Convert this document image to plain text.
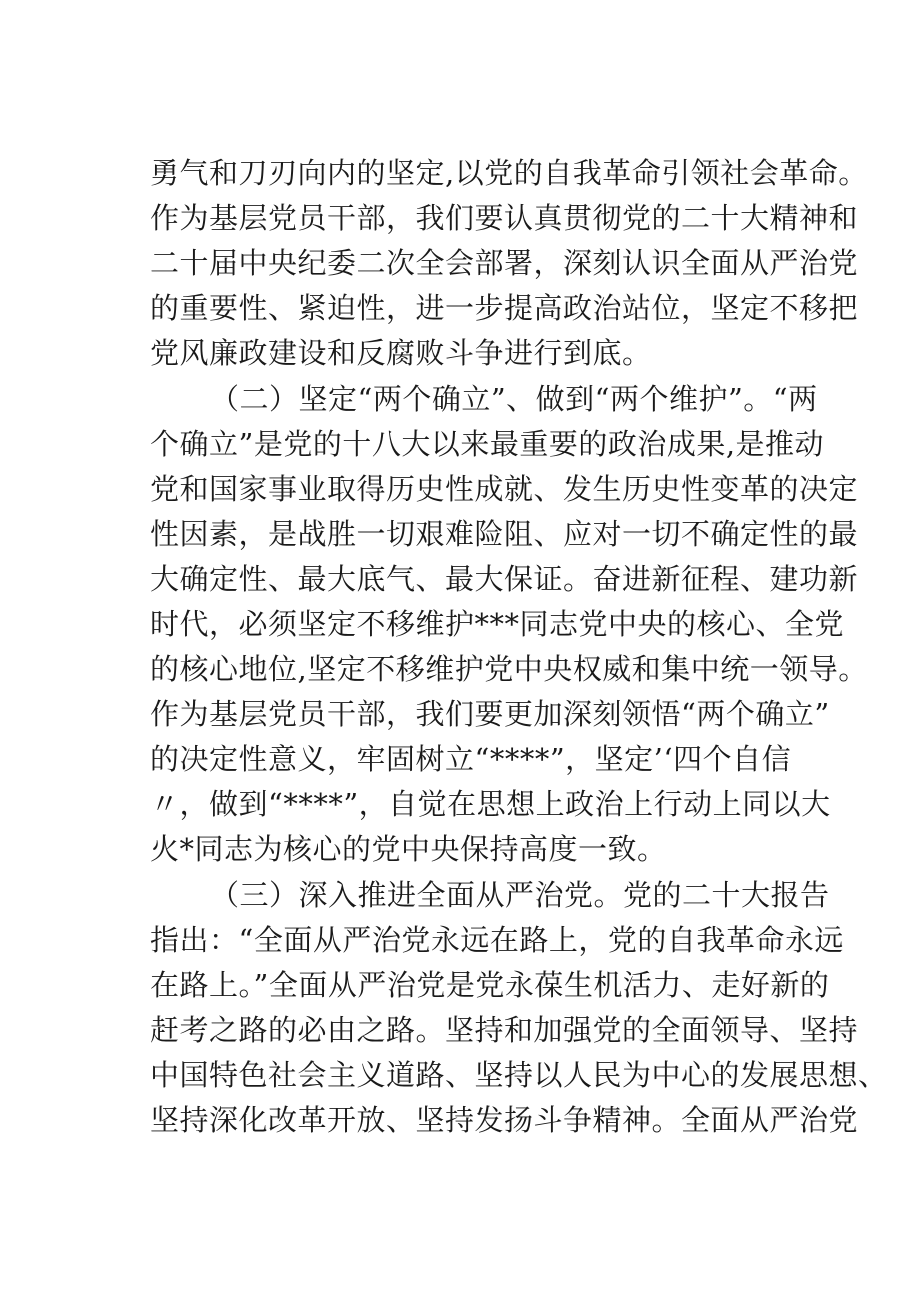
勇气和刀刃向内的坚定,以党的自我革命引领社会革命。
作为基层党员干部，我们要认真贯彻党的二十大精神和
二十届中央纪委二次全会部署，深刻认识全面从严治党
的重要性、紧迫性，进一步提高政治站位，坚定不移把
党风廉政建设和反腐败斗争进行到底。
（二）坚定“两个确立”、做到“两个维护”。“两
个确立”是党的十八大以来最重要的政治成果,是推动
党和国家事业取得历史性成就、发生历史性变革的决定
性因素，是战胜一切艰难险阻、应对一切不确定性的最
大确定性、最大底气、最大保证。奋进新征程、建功新
时代，必须坚定不移维护***同志党中央的核心、全党
的核心地位,坚定不移维护党中央权威和集中统一领导。
作为基层党员干部，我们要更加深刻领悟“两个确立”
的决定性意义，牢固树立“****”，坚定’‘四个自信
〃，做到“****”，自觉在思想上政治上行动上同以大
火*同志为核心的党中央保持高度一致。
（三）深入推进全面从严治党。党的二十大报告
指出：“全面从严治党永远在路上，党的自我革命永远
在路上。”全面从严治党是党永葆生机活力、走好新的
赶考之路的必由之路。坚持和加强党的全面领导、坚持
中国特色社会主义道路、坚持以人民为中心的发展思想、
坚持深化改革开放、坚持发扬斗争精神。全面从严治党
